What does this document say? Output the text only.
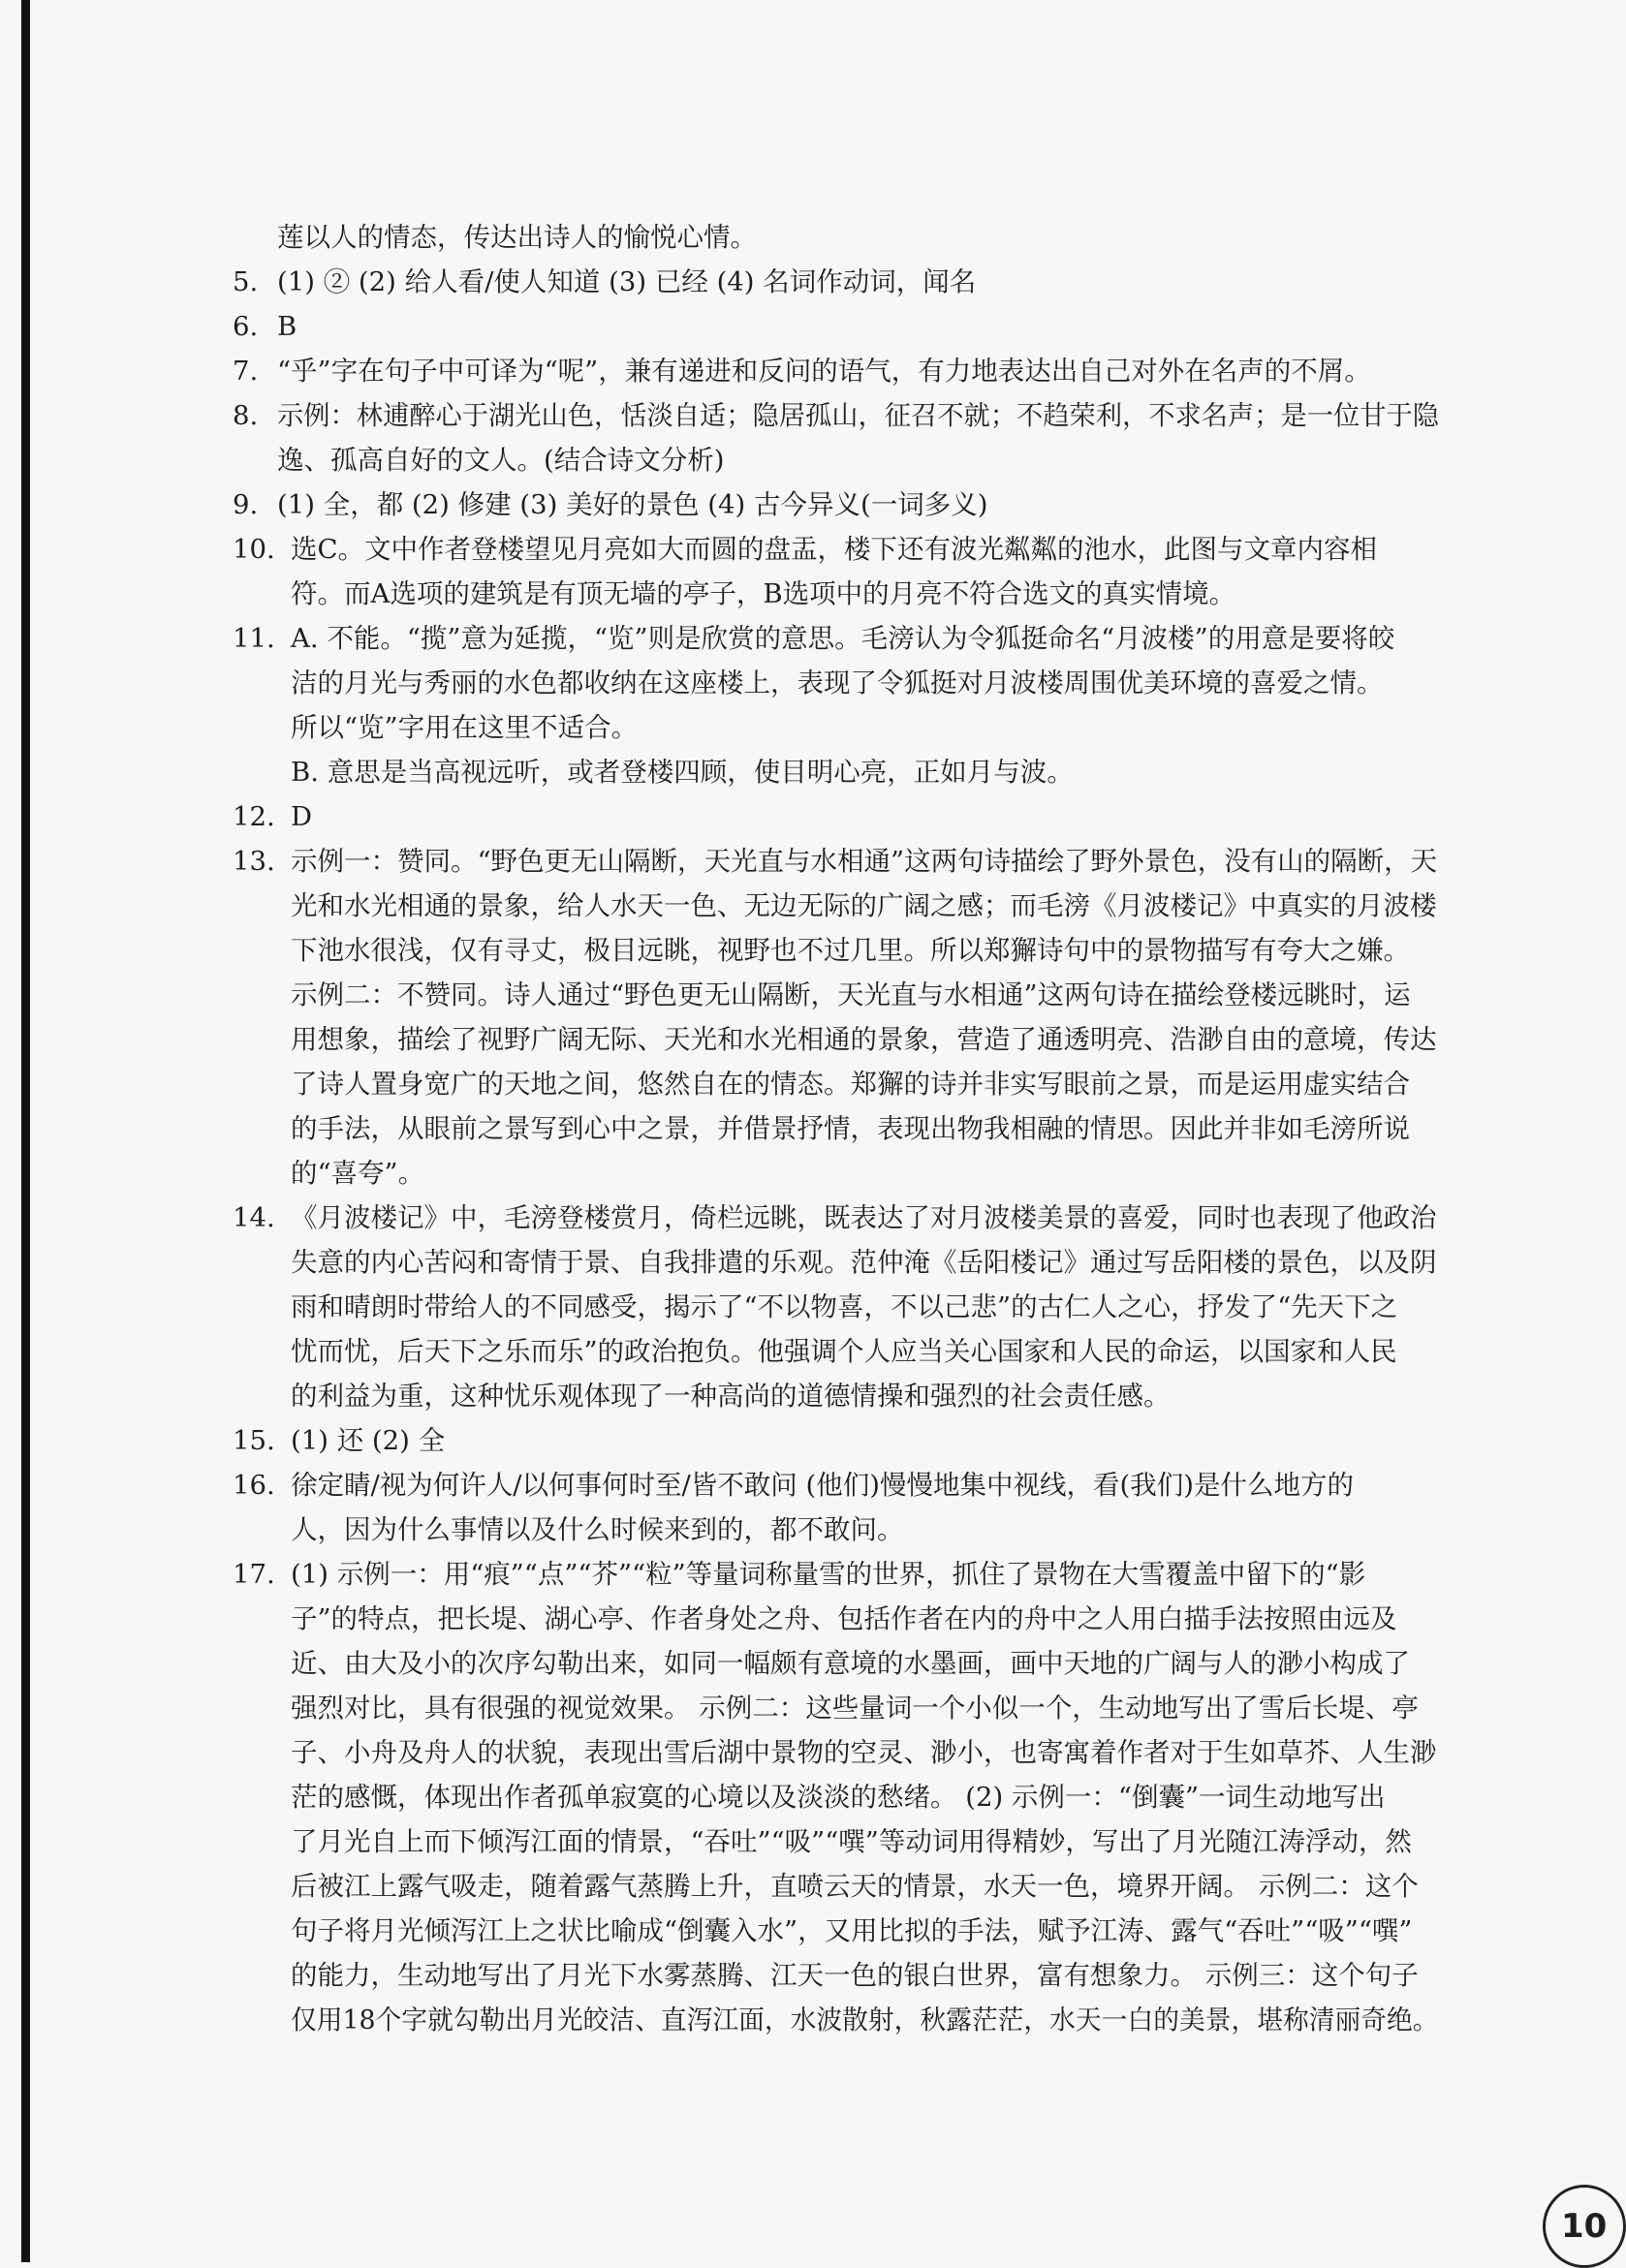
莲以人的情态，传达出诗人的愉悦心情。
5. (1) ② (2) 给人看/使人知道 (3) 已经 (4) 名词作动词，闻名
6. B
7. “乎”字在句子中可译为“呢”，兼有递进和反问的语气，有力地表达出自己对外在名声的不屑。
8. 示例：林逋醉心于湖光山色，恬淡自适；隐居孤山，征召不就；不趋荣利，不求名声；是一位甘于隐
逸、孤高自好的文人。(结合诗文分析)
9. (1) 全，都 (2) 修建 (3) 美好的景色 (4) 古今异义(一词多义)
10. 选C。文中作者登楼望见月亮如大而圆的盘盂，楼下还有波光粼粼的池水，此图与文章内容相
符。而A选项的建筑是有顶无墙的亭子，B选项中的月亮不符合选文的真实情境。
11. A. 不能。“揽”意为延揽，“览”则是欣赏的意思。毛滂认为令狐挺命名“月波楼”的用意是要将皎
洁的月光与秀丽的水色都收纳在这座楼上，表现了令狐挺对月波楼周围优美环境的喜爱之情。
所以“览”字用在这里不适合。
B. 意思是当高视远听，或者登楼四顾，使目明心亮，正如月与波。
12. D
13. 示例一：赞同。“野色更无山隔断，天光直与水相通”这两句诗描绘了野外景色，没有山的隔断，天
光和水光相通的景象，给人水天一色、无边无际的广阔之感；而毛滂《月波楼记》中真实的月波楼
下池水很浅，仅有寻丈，极目远眺，视野也不过几里。所以郑獬诗句中的景物描写有夸大之嫌。
示例二：不赞同。诗人通过“野色更无山隔断，天光直与水相通”这两句诗在描绘登楼远眺时，运
用想象，描绘了视野广阔无际、天光和水光相通的景象，营造了通透明亮、浩渺自由的意境，传达
了诗人置身宽广的天地之间，悠然自在的情态。郑獬的诗并非实写眼前之景，而是运用虚实结合
的手法，从眼前之景写到心中之景，并借景抒情，表现出物我相融的情思。因此并非如毛滂所说
的“喜夸”。
14. 《月波楼记》中，毛滂登楼赏月，倚栏远眺，既表达了对月波楼美景的喜爱，同时也表现了他政治
失意的内心苦闷和寄情于景、自我排遣的乐观。范仲淹《岳阳楼记》通过写岳阳楼的景色，以及阴
雨和晴朗时带给人的不同感受，揭示了“不以物喜，不以己悲”的古仁人之心，抒发了“先天下之
忧而忧，后天下之乐而乐”的政治抱负。他强调个人应当关心国家和人民的命运，以国家和人民
的利益为重，这种忧乐观体现了一种高尚的道德情操和强烈的社会责任感。
15. (1) 还 (2) 全
16. 徐定睛/视为何许人/以何事何时至/皆不敢问 (他们)慢慢地集中视线，看(我们)是什么地方的
人，因为什么事情以及什么时候来到的，都不敢问。
17. (1) 示例一：用“痕”“点”“芥”“粒”等量词称量雪的世界，抓住了景物在大雪覆盖中留下的“影
子”的特点，把长堤、湖心亭、作者身处之舟、包括作者在内的舟中之人用白描手法按照由远及
近、由大及小的次序勾勒出来，如同一幅颇有意境的水墨画，画中天地的广阔与人的渺小构成了
强烈对比，具有很强的视觉效果。 示例二：这些量词一个小似一个，生动地写出了雪后长堤、亭
子、小舟及舟人的状貌，表现出雪后湖中景物的空灵、渺小，也寄寓着作者对于生如草芥、人生渺
茫的感慨，体现出作者孤单寂寞的心境以及淡淡的愁绪。 (2) 示例一：“倒囊”一词生动地写出
了月光自上而下倾泻江面的情景，“吞吐”“吸”“噀”等动词用得精妙，写出了月光随江涛浮动，然
后被江上露气吸走，随着露气蒸腾上升，直喷云天的情景，水天一色，境界开阔。 示例二：这个
句子将月光倾泻江上之状比喻成“倒囊入水”，又用比拟的手法，赋予江涛、露气“吞吐”“吸”“噀”
的能力，生动地写出了月光下水雾蒸腾、江天一色的银白世界，富有想象力。 示例三：这个句子
仅用18个字就勾勒出月光皎洁、直泻江面，水波散射，秋露茫茫，水天一白的美景，堪称清丽奇绝。
10
